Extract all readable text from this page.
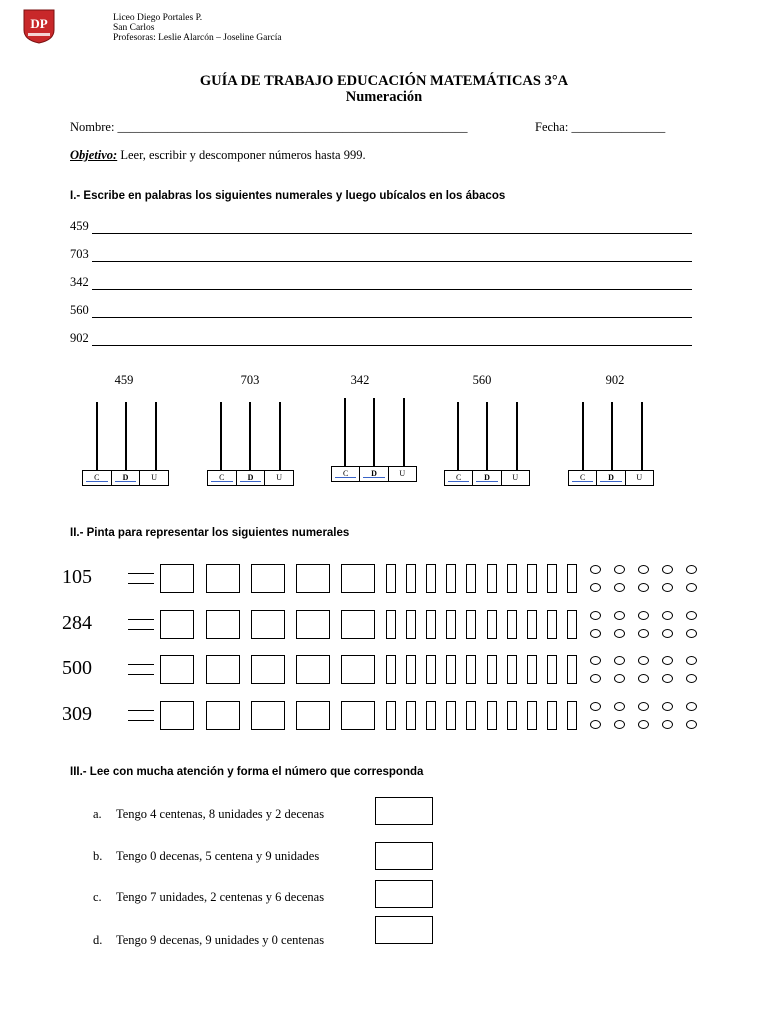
DP	Liceo Diego Portales P.
San Carlos
Profesoras: Leslie Alarcón – Joseline García
GUÍA DE TRABAJO EDUCACIÓN MATEMÁTICAS 3°A
Numeración
Nombre: ________________________________________________________	Fecha: _______________
Objetivo: Leer, escribir y descomponer números hasta 999.
I.- Escribe en palabras los siguientes numerales y luego ubícalos en los ábacos
459
703
342
560
902
459
C	D	U
703
C	D	U
342
C	D	U
560
C	D	U
902
C	D	U
II.- Pinta para representar los siguientes numerales
105
284
500
309
III.- Lee con mucha atención y forma el número que corresponda
a. Tengo 4 centenas, 8 unidades y 2 decenas
b. Tengo 0 decenas, 5 centena y 9 unidades
c. Tengo 7 unidades, 2 centenas y 6 decenas
d. Tengo 9 decenas, 9 unidades y 0 centenas
